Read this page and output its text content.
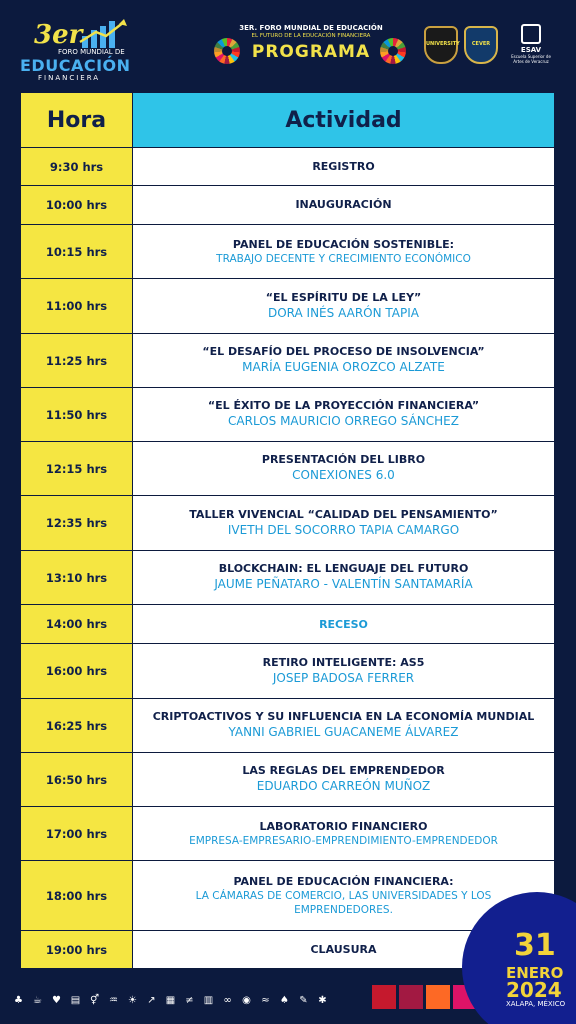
3er
FORO MUNDIAL DE
EDUCACIÓN
FINANCIERA
3ER. FORO MUNDIAL DE EDUCACIÓN
EL FUTURO DE LA EDUCACIÓN FINANCIERA
PROGRAMA	UNIVERSITY	CEVER
ESAV
Escuela Superior de Artes de Veracruz
Hora	Actividad
9:30 hrs	REGISTRO

10:00 hrs	INAUGURACIÓN

10:15 hrs	PANEL DE EDUCACIÓN SOSTENIBLE:
TRABAJO DECENTE Y CRECIMIENTO ECONÓMICO

11:00 hrs	“EL ESPÍRITU DE LA LEY”
DORA INÉS AARÓN TAPIA

11:25 hrs	“EL DESAFÍO DEL PROCESO DE INSOLVENCIA”
MARÍA EUGENIA OROZCO ALZATE

11:50 hrs	“EL ÉXITO DE LA PROYECCIÓN FINANCIERA”
CARLOS MAURICIO ORREGO SÁNCHEZ

12:15 hrs	PRESENTACIÓN DEL LIBRO
CONEXIONES 6.0

12:35 hrs	TALLER VIVENCIAL “CALIDAD DEL PENSAMIENTO”
IVETH DEL SOCORRO TAPIA CAMARGO

13:10 hrs	BLOCKCHAIN: EL LENGUAJE DEL FUTURO
JAUME PEÑATARO - VALENTÍN SANTAMARÍA

14:00 hrs	RECESO

16:00 hrs	RETIRO INTELIGENTE: AS5
JOSEP BADOSA FERRER

16:25 hrs	CRIPTOACTIVOS Y SU INFLUENCIA EN LA ECONOMÍA MUNDIAL
YANNI GABRIEL GUACANEME ÁLVAREZ

16:50 hrs	LAS REGLAS DEL EMPRENDEDOR
EDUARDO CARREÓN MUÑOZ

17:00 hrs	LABORATORIO FINANCIERO
EMPRESA-EMPRESARIO-EMPRENDIMIENTO-EMPRENDEDOR

18:00 hrs	PANEL DE EDUCACIÓN FINANCIERA:
LA CÁMARAS DE COMERCIO, LAS UNIVERSIDADES Y LOS EMPRENDEDORES.

19:00 hrs	CLAUSURA
♣ ☕ ♥ ▤ ⚥ ♒ ☀ ↗ ▦ ≠ ▥ ∞ ◉ ≈ ♠ ✎ ✱
31
ENERO
2024
XALAPA, MÉXICO
